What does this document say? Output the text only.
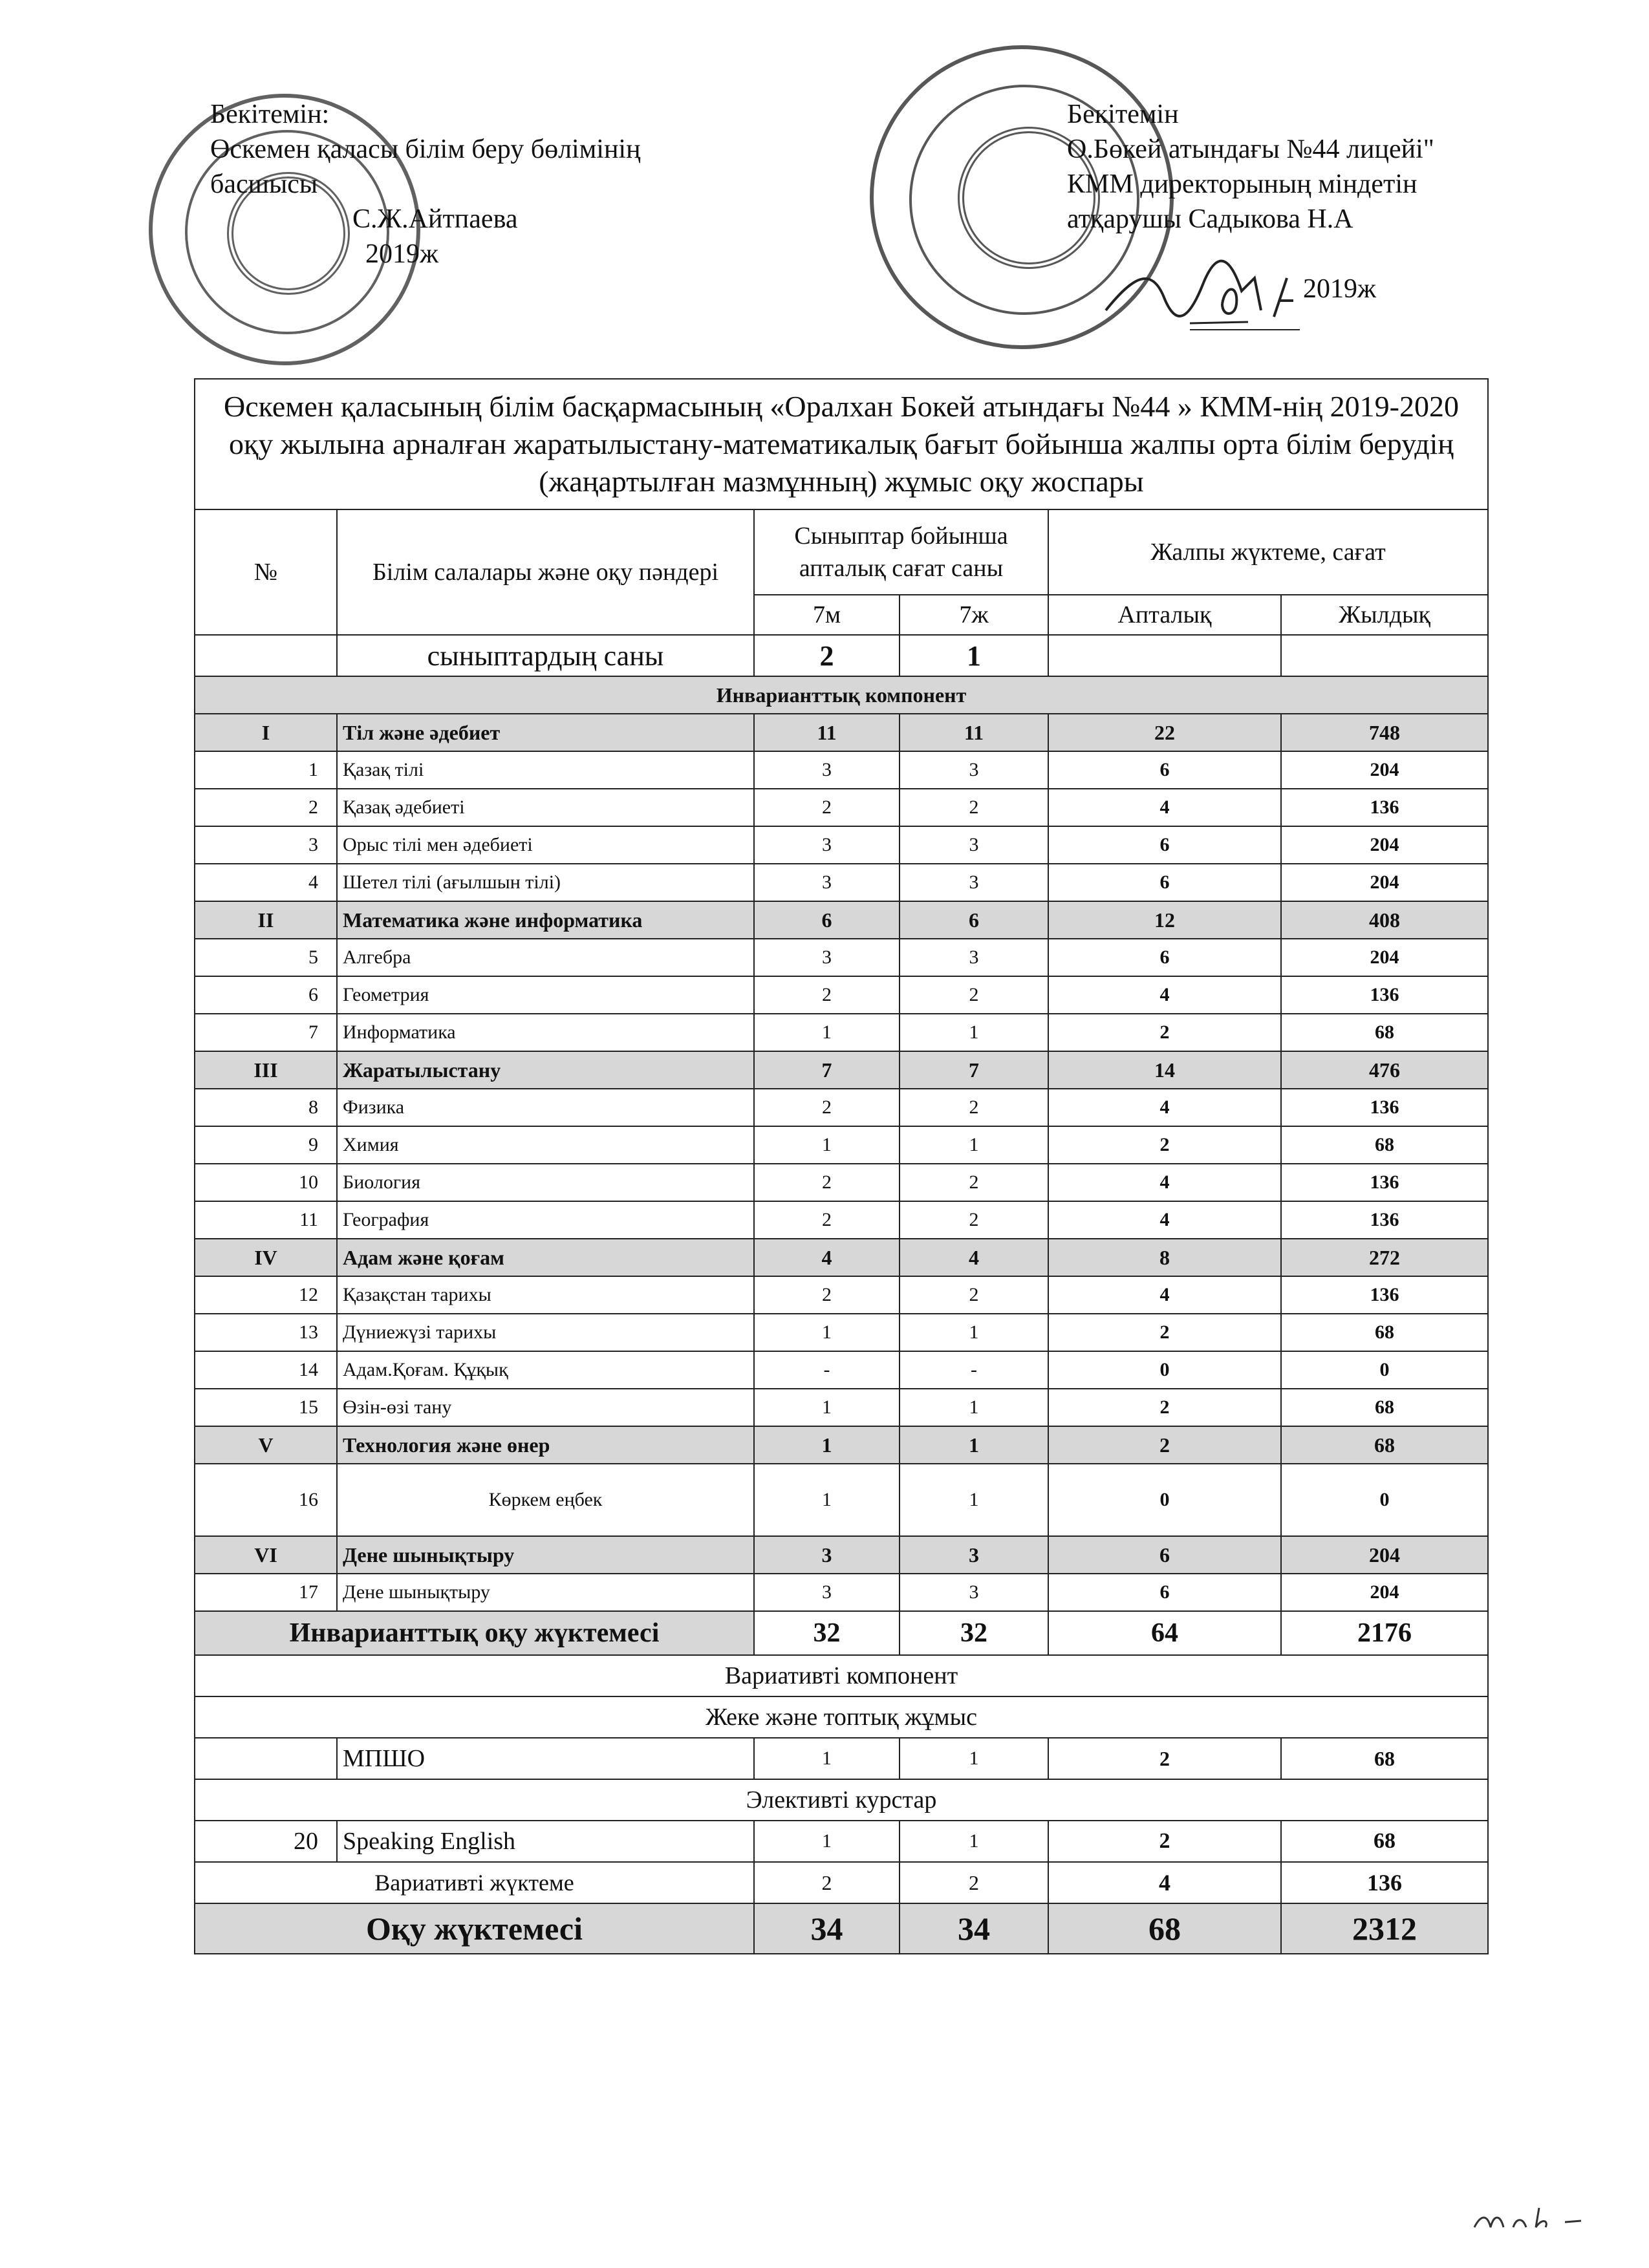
Бекітемін:
Өскемен қаласы білім беру бөлімінің
басшысы
С.Ж.Айтпаева
2019ж
Бекітемін
О.Бөкей атындағы №44 лицейі"
КММ директорының міндетін
атқарушы Садыкова Н.А

2019ж
Өскемен қаласының білім басқармасының «Оралхан Бокей атындағы №44 » КММ-нің 2019-2020 оқу жылына арналған жаратылыстану-математикалық бағыт бойынша жалпы орта білім берудің (жаңартылған мазмұнның) жұмыс оқу жоспары					
№	Білім салалары және оқу пәндері	Сыныптар бойынша апталық сағат саны		Жалпы жүктеме, сағат	
		7м	7ж	Апталық	Жылдық
	сыныптардың саны	2	1		
Инварианттық компонент					
I	Тіл және әдебиет	11	11	22	748
1	Қазақ тілі	3	3	6	204
2	Қазақ әдебиеті	2	2	4	136
3	Орыс тілі мен әдебиеті	3	3	6	204
4	Шетел тілі (ағылшын тілі)	3	3	6	204
II	Математика және информатика	6	6	12	408
5	Алгебра	3	3	6	204
6	Геометрия	2	2	4	136
7	Информатика	1	1	2	68
III	Жаратылыстану	7	7	14	476
8	Физика	2	2	4	136
9	Химия	1	1	2	68
10	Биология	2	2	4	136
11	География	2	2	4	136
IV	Адам және қоғам	4	4	8	272
12	Қазақстан тарихы	2	2	4	136
13	Дүниежүзі тарихы	1	1	2	68
14	Адам.Қоғам. Құқық	-	-	0	0
15	Өзін-өзі тану	1	1	2	68
V	Технология және өнер	1	1	2	68
16	Көркем еңбек	1	1	0	0
VI	Дене шынықтыру	3	3	6	204
17	Дене шынықтыру	3	3	6	204
Инварианттық оқу жүктемесі		32	32	64	2176
Вариативті компонент					
Жеке және топтық жұмыс					
	МПШО	1	1	2	68
Элективті курстар					
20	Speaking English	1	1	2	68
Вариативті жүктеме		2	2	4	136
Оқу жүктемесі		34	34	68	2312
